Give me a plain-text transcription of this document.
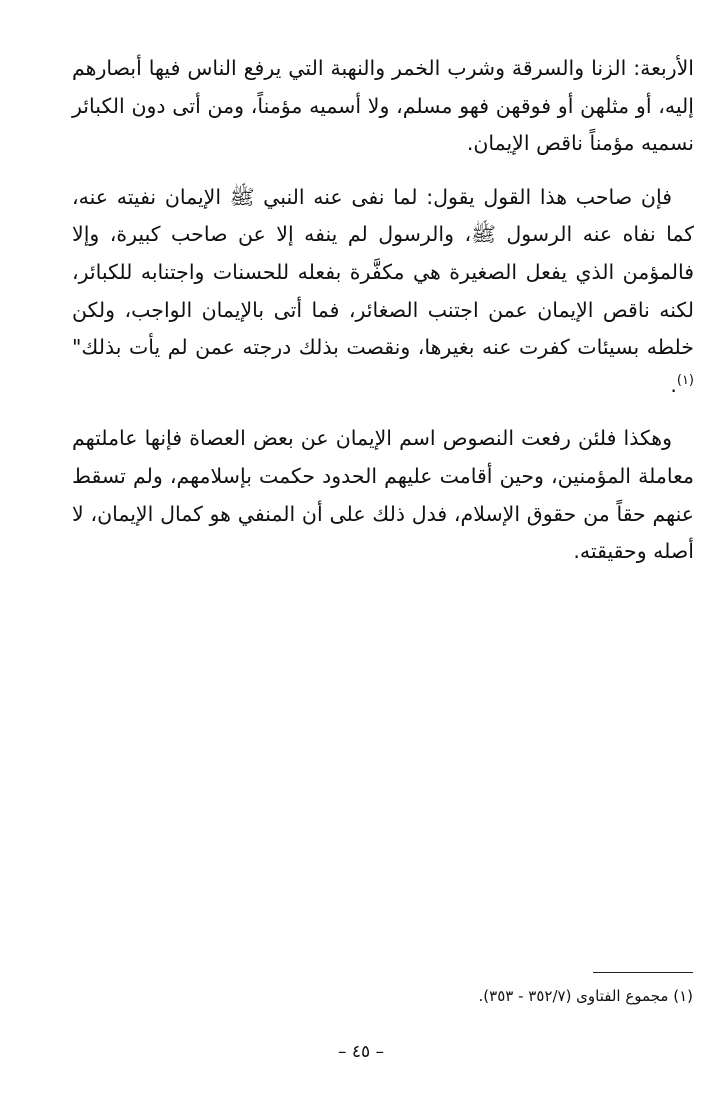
الأربعة: الزنا والسرقة وشرب الخمر والنهبة التي يرفع الناس فيها أبصارهم إليه، أو مثلهن أو فوقهن فهو مسلم، ولا أسميه مؤمناً، ومن أتى دون الكبائر نسميه مؤمناً ناقص الإيمان.

فإن صاحب هذا القول يقول: لما نفى عنه النبي ﷺ الإيمان نفيته عنه، كما نفاه عنه الرسول ﷺ، والرسول لم ينفه إلا عن صاحب كبيرة، وإلا فالمؤمن الذي يفعل الصغيرة هي مكفَّرة بفعله للحسنات واجتنابه للكبائر، لكنه ناقص الإيمان عمن اجتنب الصغائر، فما أتى بالإيمان الواجب، ولكن خلطه بسيئات كفرت عنه بغيرها، ونقصت بذلك درجته عمن لم يأت بذلك"$^{(١)}$.

وهكذا فلئن رفعت النصوص اسم الإيمان عن بعض العصاة فإنها عاملتهم معاملة المؤمنين، وحين أقامت عليهم الحدود حكمت بإسلامهم، ولم تسقط عنهم حقاً من حقوق الإسلام، فدل ذلك على أن المنفي هو كمال الإيمان، لا أصله وحقيقته.

(١) مجموع الفتاوى (٣٥٢/٧ - ٣٥٣).
– ٤٥ –
